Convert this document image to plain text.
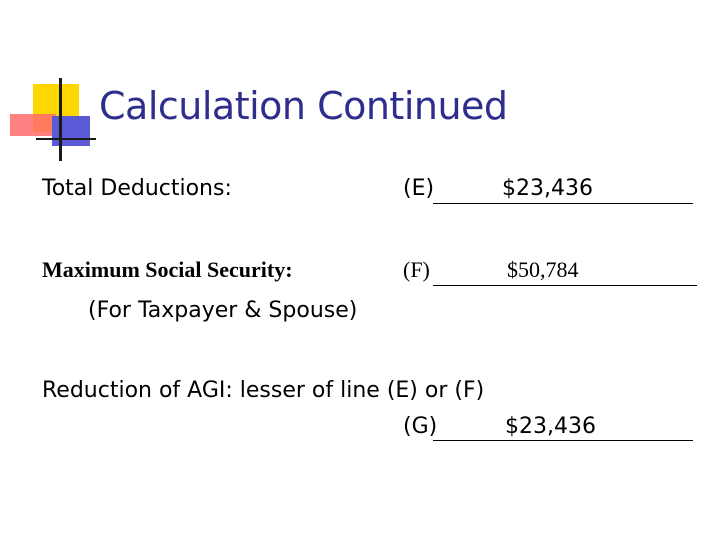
Calculation Continued
Total Deductions:	(E)	$23,436
Maximum Social Security:	(F)	$50,784
(For Taxpayer & Spouse)
Reduction of AGI: lesser of line (E) or (F)
(G)	$23,436
